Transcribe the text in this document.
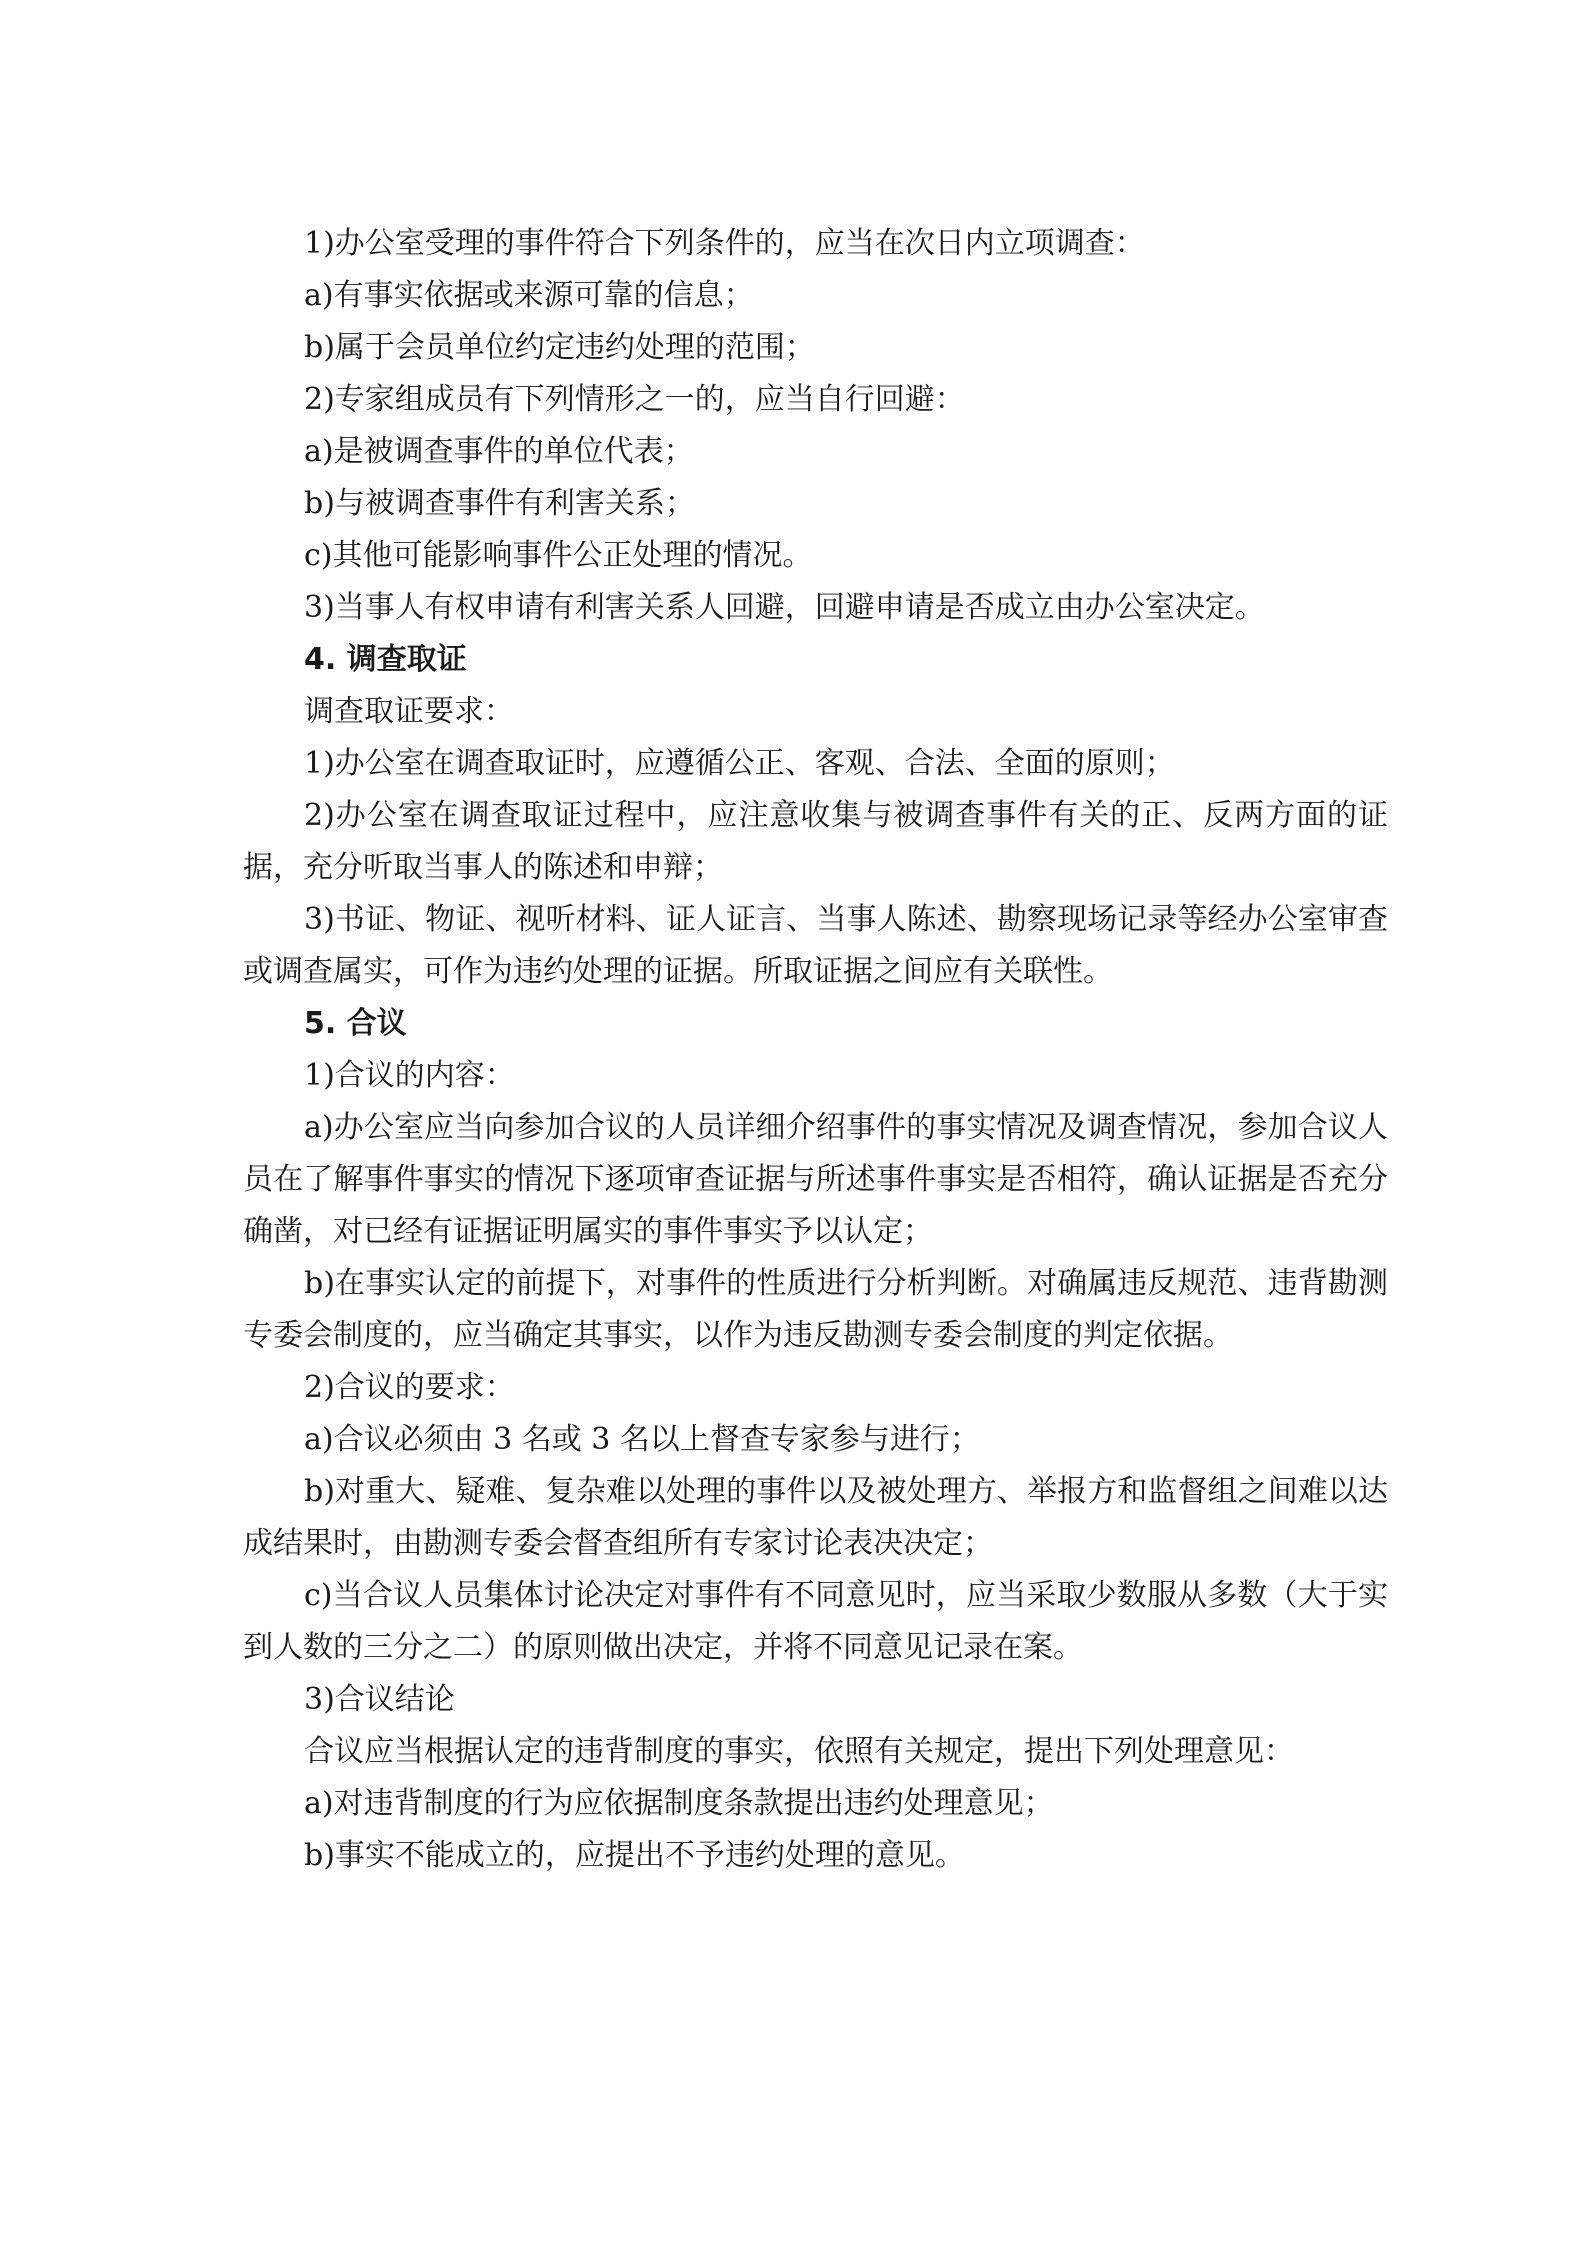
1)办公室受理的事件符合下列条件的，应当在次日内立项调查：

a)有事实依据或来源可靠的信息；

b)属于会员单位约定违约处理的范围；

2)专家组成员有下列情形之一的，应当自行回避：

a)是被调查事件的单位代表；

b)与被调查事件有利害关系；

c)其他可能影响事件公正处理的情况。

3)当事人有权申请有利害关系人回避，回避申请是否成立由办公室决定。

4. 调查取证

调查取证要求：

1)办公室在调查取证时，应遵循公正、客观、合法、全面的原则；

2)办公室在调查取证过程中，应注意收集与被调查事件有关的正、反两方面的证据，充分听取当事人的陈述和申辩；

3)书证、物证、视听材料、证人证言、当事人陈述、勘察现场记录等经办公室审查或调查属实，可作为违约处理的证据。所取证据之间应有关联性。

5. 合议

1)合议的内容：

a)办公室应当向参加合议的人员详细介绍事件的事实情况及调查情况，参加合议人员在了解事件事实的情况下逐项审查证据与所述事件事实是否相符，确认证据是否充分确凿，对已经有证据证明属实的事件事实予以认定；

b)在事实认定的前提下，对事件的性质进行分析判断。对确属违反规范、违背勘测专委会制度的，应当确定其事实，以作为违反勘测专委会制度的判定依据。

2)合议的要求：

a)合议必须由 3 名或 3 名以上督查专家参与进行；

b)对重大、疑难、复杂难以处理的事件以及被处理方、举报方和监督组之间难以达成结果时，由勘测专委会督查组所有专家讨论表决决定；

c)当合议人员集体讨论决定对事件有不同意见时，应当采取少数服从多数（大于实到人数的三分之二）的原则做出决定，并将不同意见记录在案。

3)合议结论

合议应当根据认定的违背制度的事实，依照有关规定，提出下列处理意见：

a)对违背制度的行为应依据制度条款提出违约处理意见；

b)事实不能成立的，应提出不予违约处理的意见。
